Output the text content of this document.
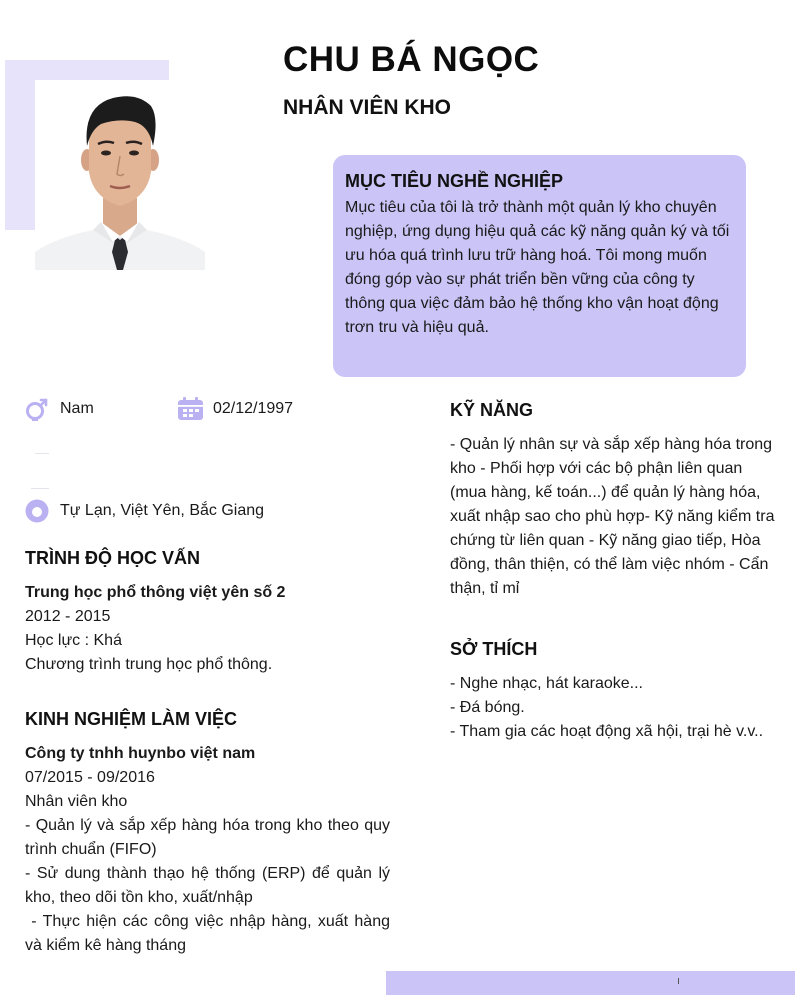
CHU BÁ NGỌC
NHÂN VIÊN KHO
MỤC TIÊU NGHỀ NGHIỆP

Mục tiêu của tôi là trở thành một quản lý kho chuyên nghiệp, ứng dụng hiệu quả các kỹ năng quản ký và tối ưu hóa quá trình lưu trữ hàng hoá. Tôi mong muốn đóng góp vào sự phát triển bền vững của công ty thông qua việc đảm bảo hệ thống kho vận hoạt động trơn tru và hiệu quả.

Nam	02/12/1997
Tự Lạn, Việt Yên, Bắc Giang
TRÌNH ĐỘ HỌC VẤN
Trung học phổ thông việt yên số 2
2012 - 2015
Học lực : Khá
Chương trình trung học phổ thông.
KINH NGHIỆM LÀM VIỆC
Công ty tnhh huynbo việt nam
07/2015 - 09/2016
Nhân viên kho
- Quản lý và sắp xếp hàng hóa trong kho theo quy trình chuẩn (FIFO)
- Sử dung thành thạo hệ thống (ERP) để quản lý kho, theo dõi tồn kho, xuất/nhập
- Thực hiện các công việc nhập hàng, xuất hàng và kiểm kê hàng tháng
KỸ NĂNG
- Quản lý nhân sự và sắp xếp hàng hóa trong kho - Phối hợp với các bộ phận liên quan (mua hàng, kế toán...) để quản lý hàng hóa, xuất nhập sao cho phù hợp- Kỹ năng kiểm tra chứng từ liên quan - Kỹ năng giao tiếp, Hòa đồng, thân thiện, có thể làm việc nhóm - Cẩn thận, tỉ mỉ
SỞ THÍCH
- Nghe nhạc, hát karaoke...
- Đá bóng.
- Tham gia các hoạt động xã hội, trại hè v.v..
